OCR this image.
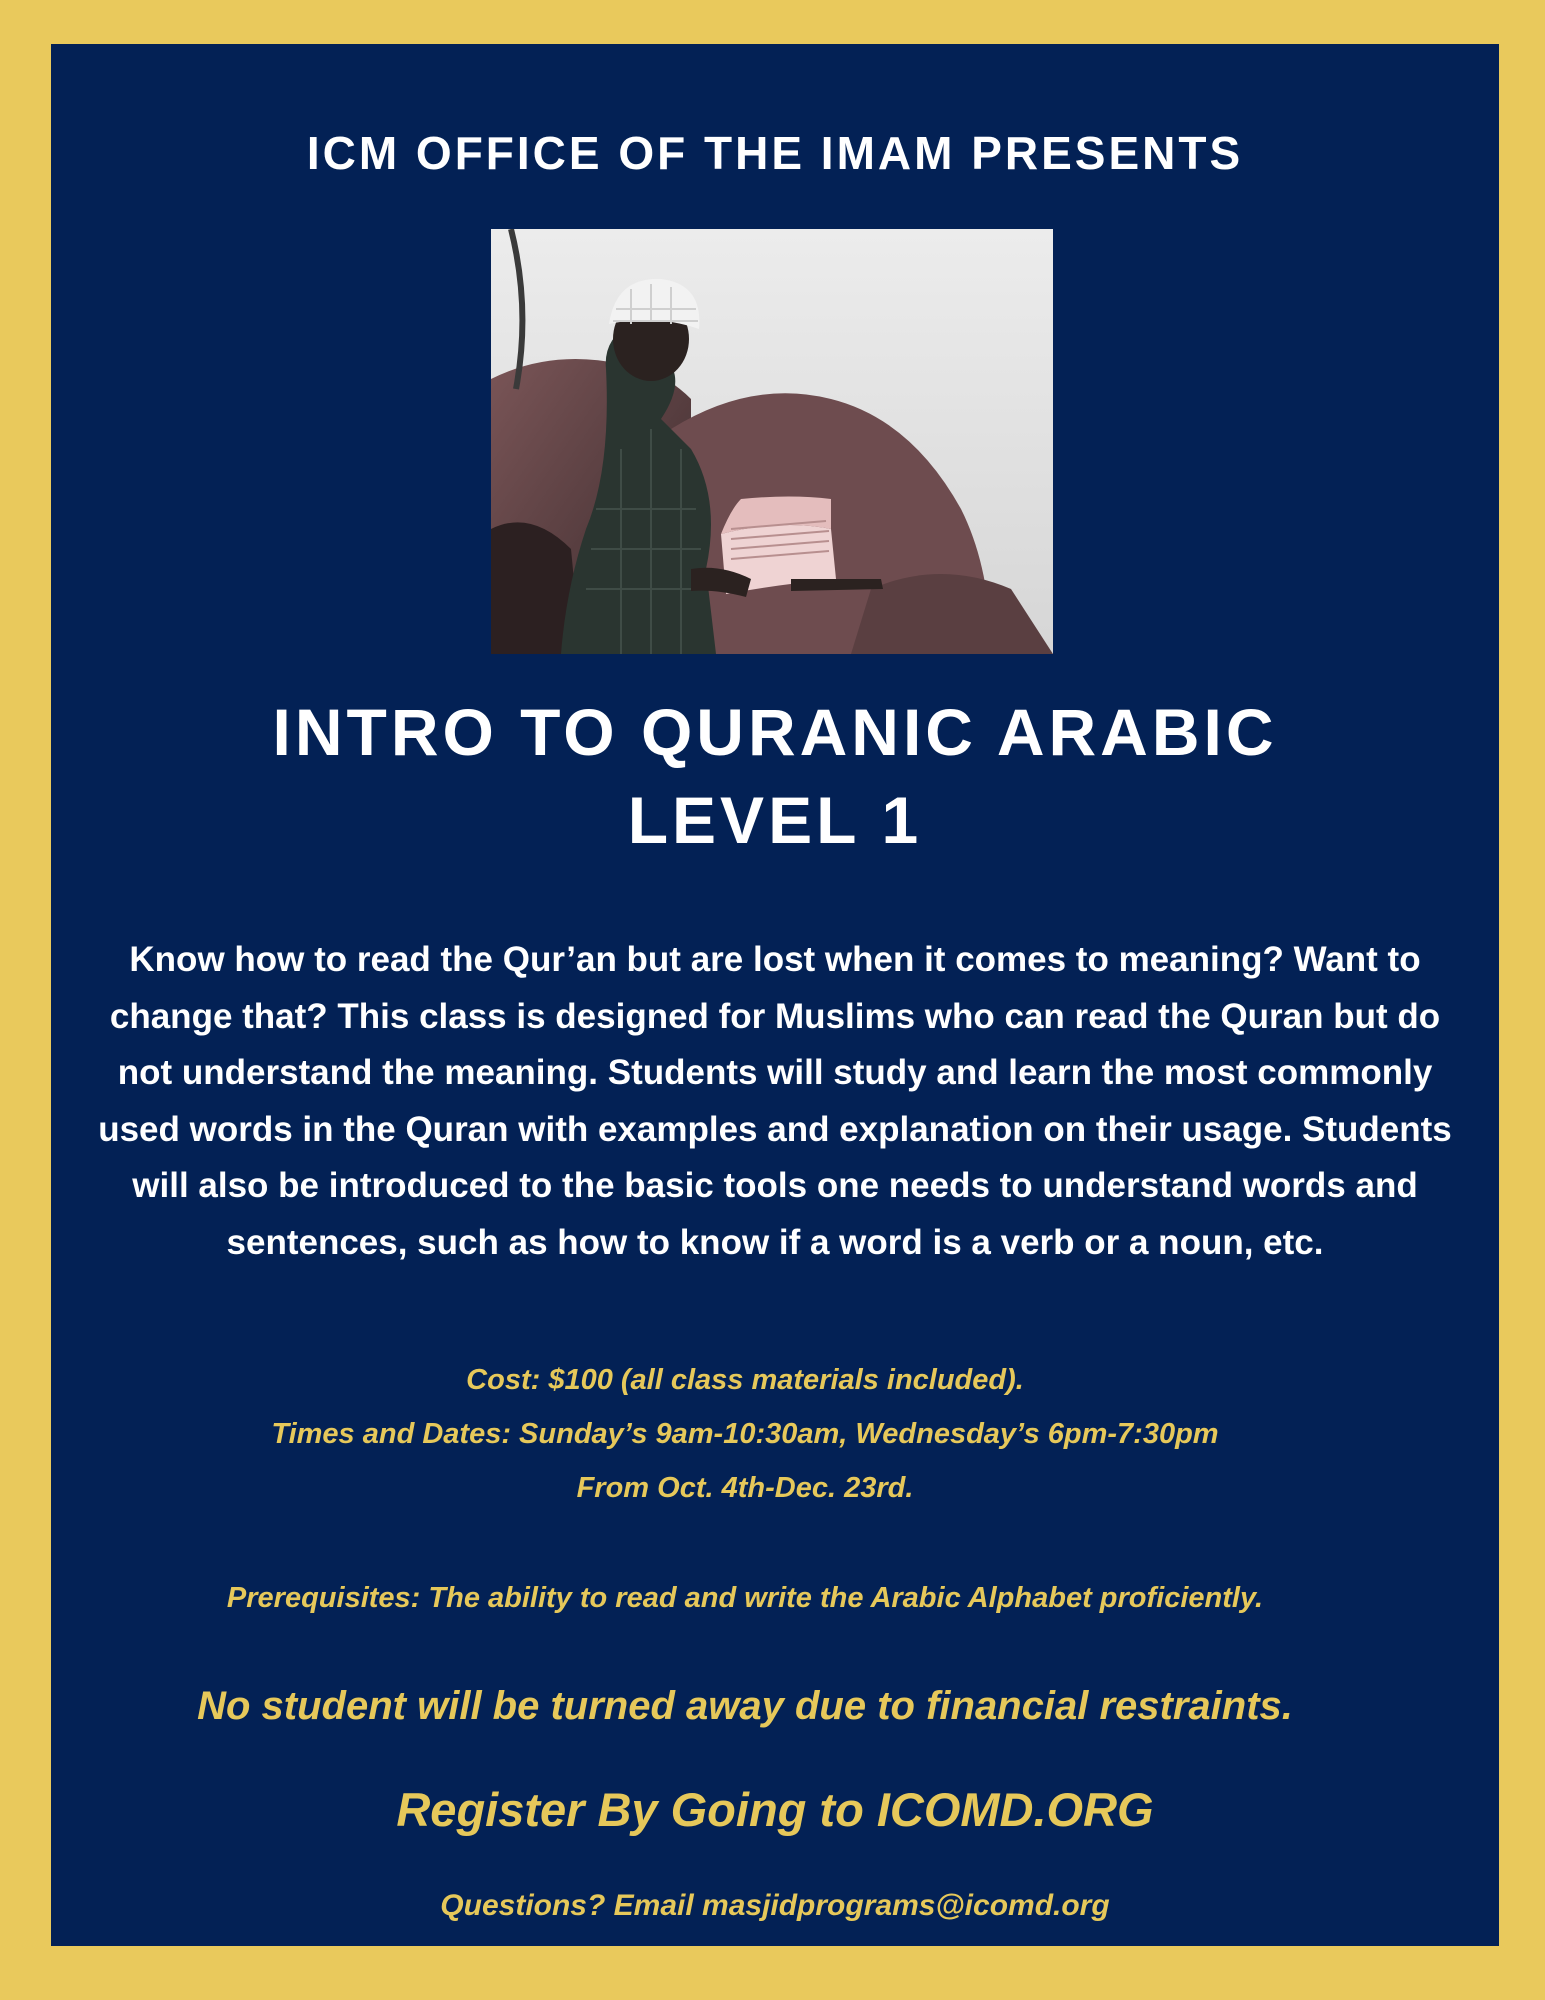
ICM OFFICE OF THE IMAM PRESENTS

INTRO TO QURANIC ARABIC
LEVEL 1

Know how to read the Qur’an but are lost when it comes to meaning? Want to change that? This class is designed for Muslims who can read the Quran but do not understand the meaning. Students will study and learn the most commonly used words in the Quran with examples and explanation on their usage. Students will also be introduced to the basic tools one needs to understand words and sentences, such as how to know if a word is a verb or a noun, etc.

Cost: $100 (all class materials included).

Times and Dates: Sunday’s 9am-10:30am, Wednesday’s 6pm-7:30pm

From Oct. 4th-Dec. 23rd.

Prerequisites: The ability to read and write the Arabic Alphabet proficiently.

No student will be turned away due to financial restraints.

Register By Going to ICOMD.ORG

Questions? Email masjidprograms@icomd.org
